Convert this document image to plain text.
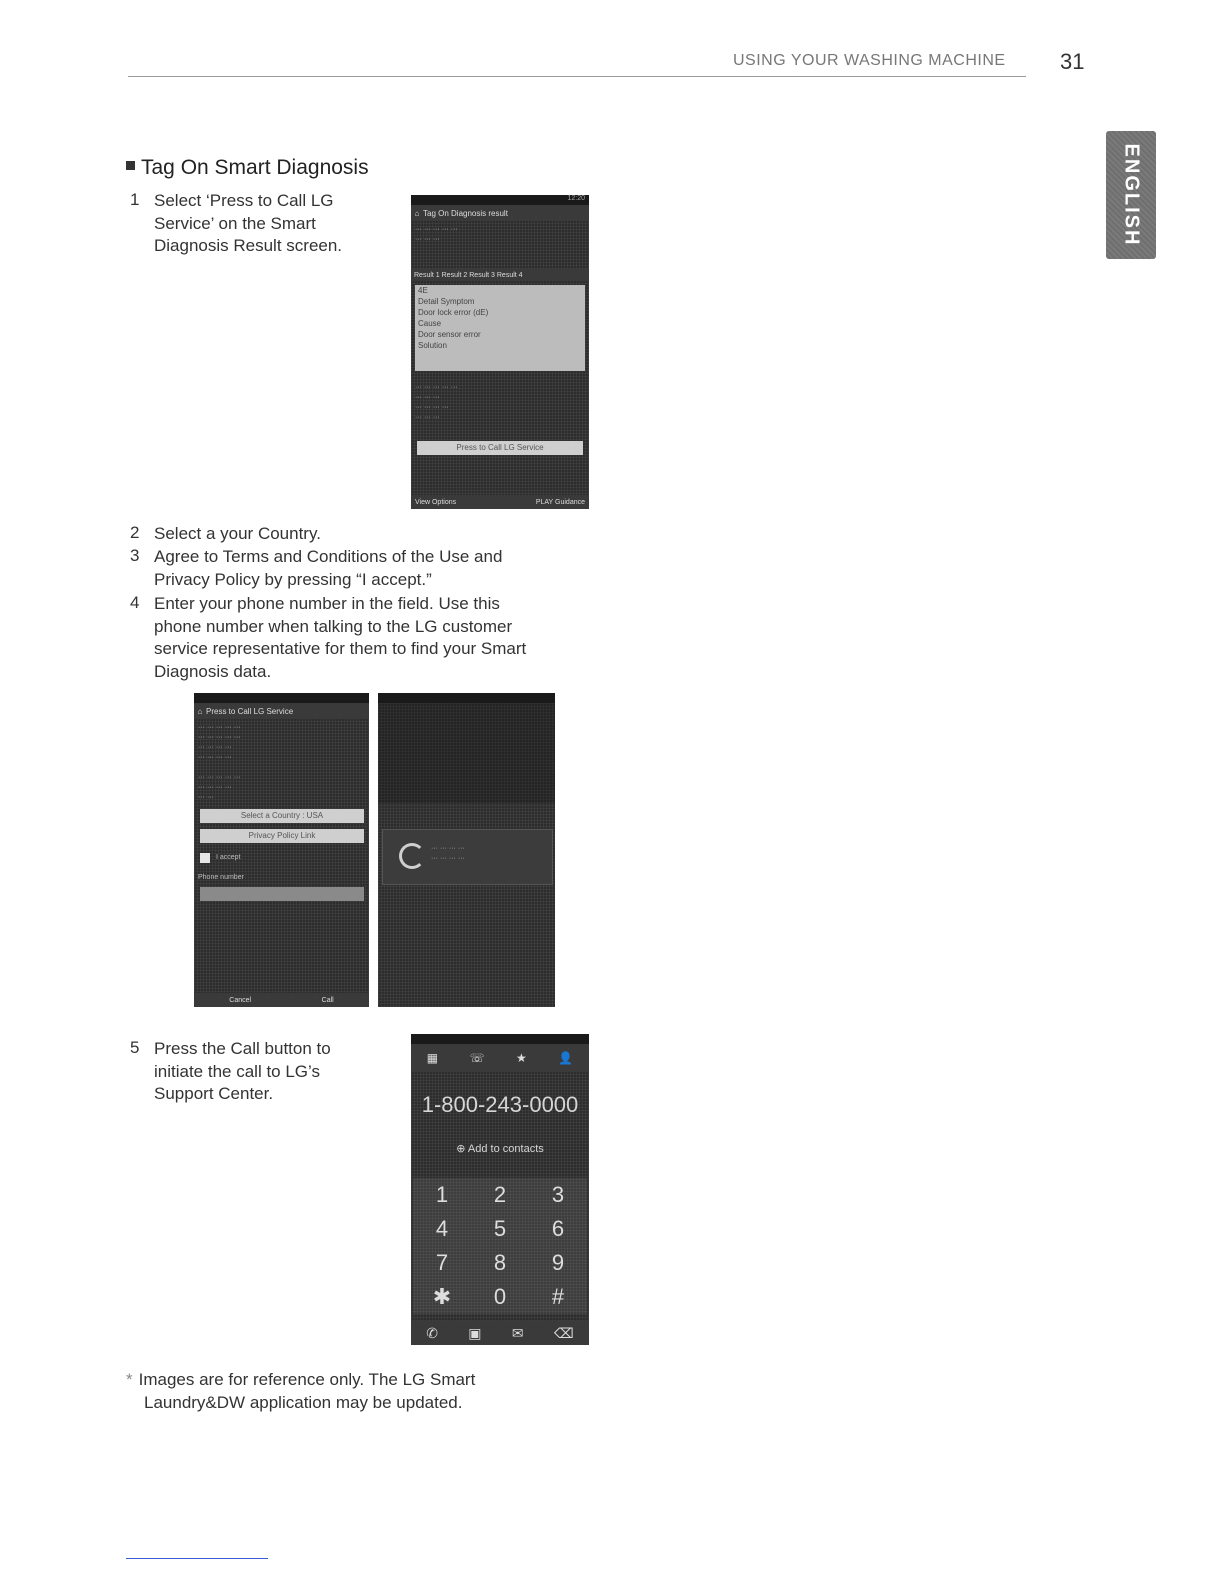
USING YOUR WASHING MACHINE 31
ENGLISH
Tag On Smart Diagnosis
1 Select ‘Press to Call LG
Service’ on the Smart
Diagnosis Result screen.
12:20
⌂ Tag On Diagnosis result
··· ··· ··· ··· ···
··· ··· ···
Result 1 Result 2 Result 3 Result 4
4E
Detail Symptom
Door lock error (dE)
Cause
Door sensor error
Solution
··· ··· ··· ··· ···
··· ··· ···
··· ··· ··· ···
··· ··· ···
Press to Call LG Service
View Options	PLAY Guidance
2 Select a your Country.
3 Agree to Terms and Conditions of the Use and
Privacy Policy by pressing “I accept.”
4 Enter your phone number in the field. Use this
phone number when talking to the LG customer
service representative for them to find your Smart
Diagnosis data.
⌂ Press to Call LG Service
··· ··· ··· ··· ···
··· ··· ··· ··· ···
··· ··· ··· ···
··· ··· ··· ···
··· ··· ··· ··· ···
··· ··· ··· ···
··· ···
Select a Country : USA
Privacy Policy Link
I accept
Phone number
Cancel	Call
··· ··· ··· ···
··· ··· ··· ···
5 Press the Call button to
initiate the call to LG’s
Support Center.
▦	☏	★	👤
1-800-243-0000
⊕ Add to contacts
1	2	3
4	5	6
7	8	9
✱	0	#
✆ ▣ ✉ ⌫
* Images are for reference only. The LG Smart
Laundry&DW application may be updated.
